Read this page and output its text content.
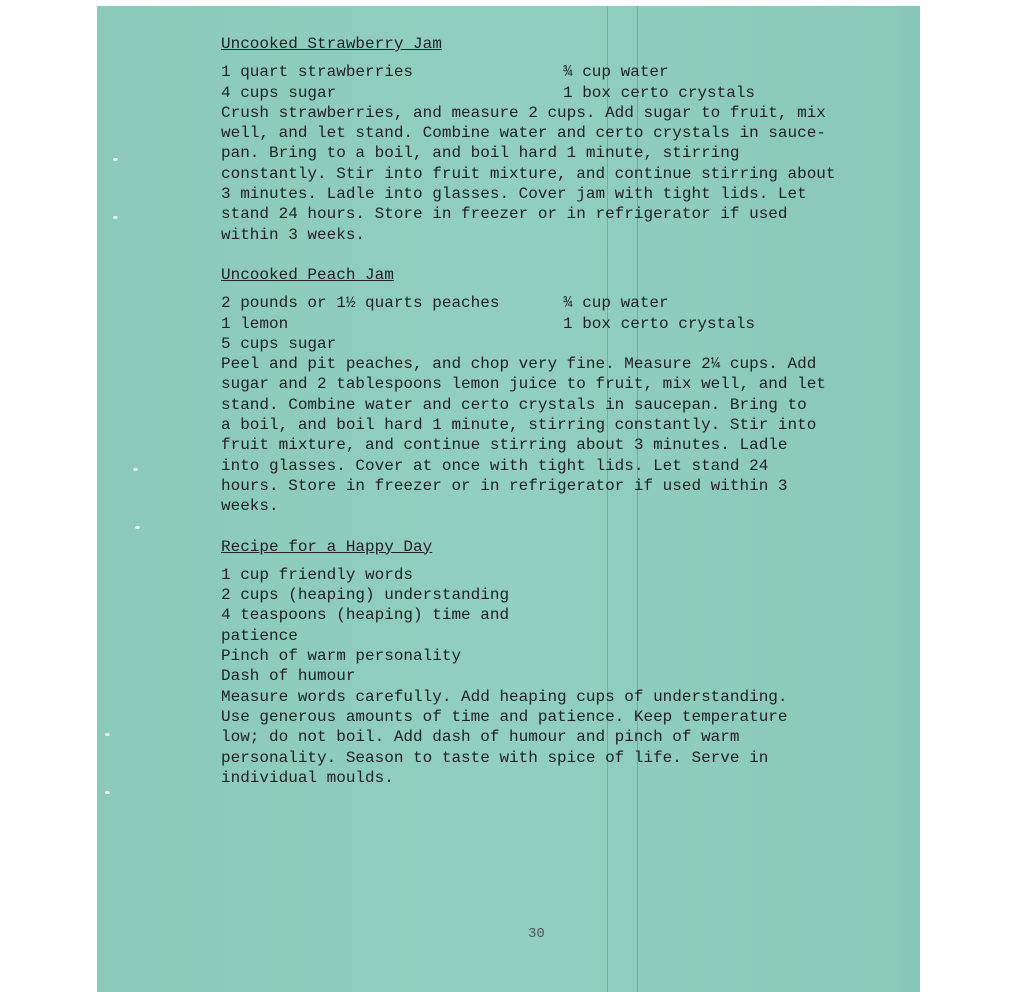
Uncooked Strawberry Jam
1 quart strawberries	¾ cup water
4 cups sugar	1 box certo crystals
Crush strawberries, and measure 2 cups. Add sugar to fruit, mix
well, and let stand. Combine water and certo crystals in sauce-
pan. Bring to a boil, and boil hard 1 minute, stirring
constantly. Stir into fruit mixture, and continue stirring about
3 minutes. Ladle into glasses. Cover jam with tight lids. Let
stand 24 hours. Store in freezer or in refrigerator if used
within 3 weeks.
Uncooked Peach Jam
2 pounds or 1½ quarts peaches	¾ cup water
1 lemon	1 box certo crystals
5 cups sugar
Peel and pit peaches, and chop very fine. Measure 2¼ cups. Add
sugar and 2 tablespoons lemon juice to fruit, mix well, and let
stand. Combine water and certo crystals in saucepan. Bring to
a boil, and boil hard 1 minute, stirring constantly. Stir into
fruit mixture, and continue stirring about 3 minutes. Ladle
into glasses. Cover at once with tight lids. Let stand 24
hours. Store in freezer or in refrigerator if used within 3
weeks.
Recipe for a Happy Day
1 cup friendly words
2 cups (heaping) understanding
4 teaspoons (heaping) time and patience
Pinch of warm personality
Dash of humour
Measure words carefully. Add heaping cups of understanding.
Use generous amounts of time and patience. Keep temperature
low; do not boil. Add dash of humour and pinch of warm
personality. Season to taste with spice of life. Serve in
individual moulds.
30
